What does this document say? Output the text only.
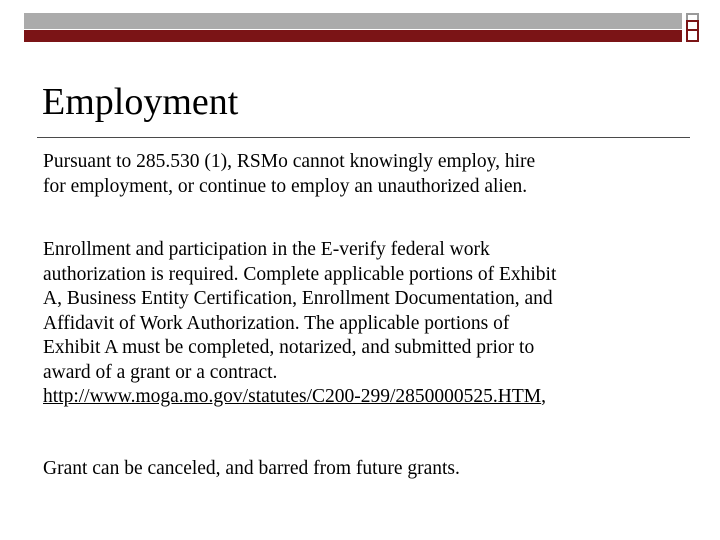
Employment
Pursuant to 285.530 (1), RSMo cannot knowingly employ, hire
for employment, or continue to employ an unauthorized alien.
Enrollment and participation in the E-verify federal work
authorization is required. Complete applicable portions of Exhibit
A, Business Entity Certification, Enrollment Documentation, and
Affidavit of Work Authorization. The applicable portions of
Exhibit A must be completed, notarized, and submitted prior to
award of a grant or a contract.
http://www.moga.mo.gov/statutes/C200-299/2850000525.HTM,
Grant can be canceled, and barred from future grants.
